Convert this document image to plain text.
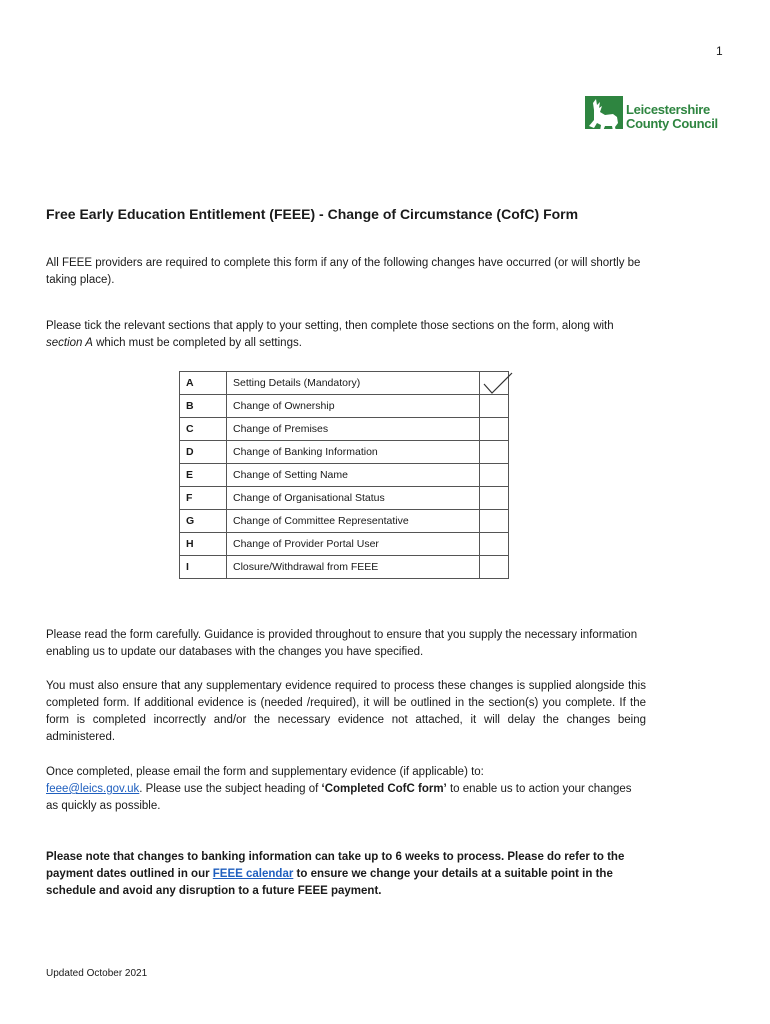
1
Leicestershire
County Council
Free Early Education Entitlement (FEEE) - Change of Circumstance (CofC) Form

All FEEE providers are required to complete this form if any of the following changes have occurred (or will shortly be taking place).

Please tick the relevant sections that apply to your setting, then complete those sections on the form, along with section A which must be completed by all settings.

A	Setting Details (Mandatory)	

B	Change of Ownership	
C	Change of Premises	
D	Change of Banking Information	
E	Change of Setting Name	
F	Change of Organisational Status	
G	Change of Committee Representative	
H	Change of Provider Portal User	
I	Closure/Withdrawal from FEEE	

Please read the form carefully. Guidance is provided throughout to ensure that you supply the necessary information enabling us to update our databases with the changes you have specified.

You must also ensure that any supplementary evidence required to process these changes is supplied alongside this completed form. If additional evidence is (needed /required), it will be outlined in the section(s) you complete. If the form is completed incorrectly and/or the necessary evidence not attached, it will delay the changes being administered.

Once completed, please email the form and supplementary evidence (if applicable) to:
feee@leics.gov.uk. Please use the subject heading of ‘Completed CofC form’ to enable us to action your changes as quickly as possible.

Please note that changes to banking information can take up to 6 weeks to process. Please do refer to the payment dates outlined in our FEEE calendar to ensure we change your details at a suitable point in the schedule and avoid any disruption to a future FEEE payment.

Updated October 2021
